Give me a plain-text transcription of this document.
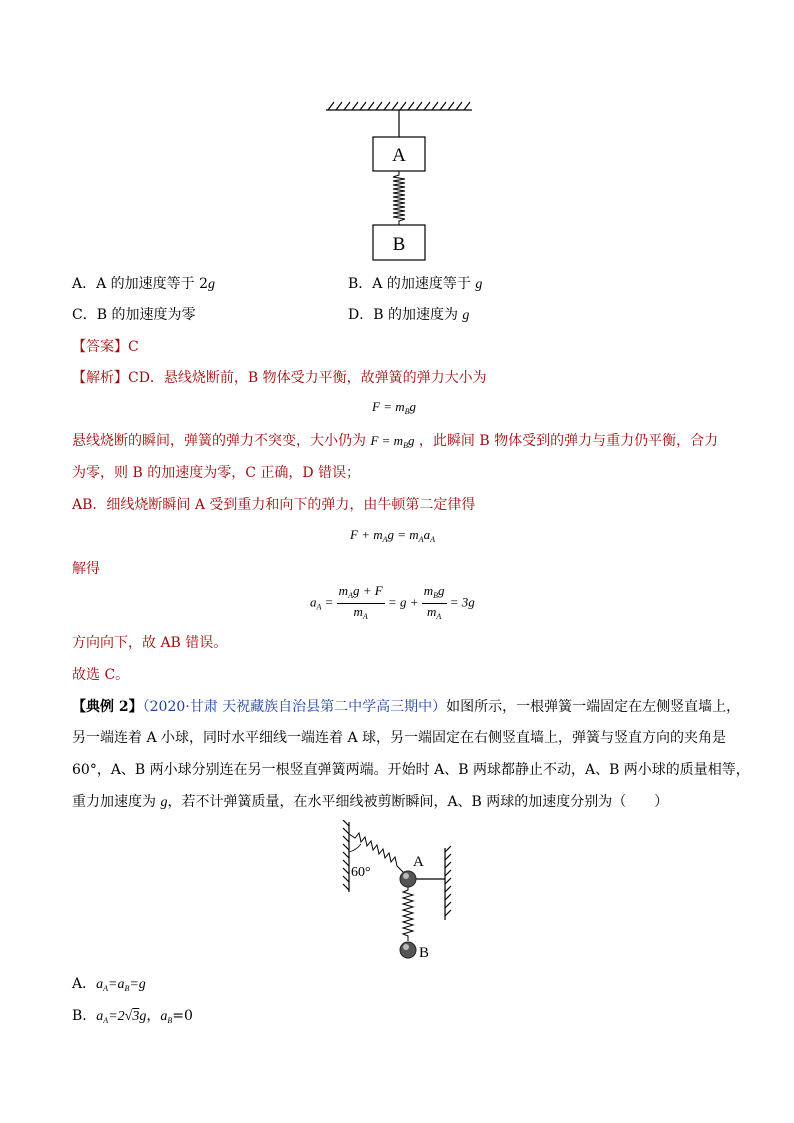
A
B
A．A 的加速度等于 2g	B．A 的加速度等于 g
C．B 的加速度为零	D．B 的加速度为 g
【答案】C
【解析】CD．悬线烧断前，B 物体受力平衡，故弹簧的弹力大小为
$F = m_Bg$
悬线烧断的瞬间，弹簧的弹力不突变，大小仍为 $F = m_Bg$ ，此瞬间 B 物体受到的弹力与重力仍平衡，合力
为零，则 B 的加速度为零，C 正确，D 错误；
AB．细线烧断瞬间 A 受到重力和向下的弹力，由牛顿第二定律得
$F + m_Ag = m_Aa_A$
解得
$a_A = \frac{m_Ag + F}{m_A} = g + \frac{m_Bg}{m_A} = 3g$
方向向下，故 AB 错误。
故选 C。
【典例 2】（2020·甘肃 天祝藏族自治县第二中学高三期中）如图所示，一根弹簧一端固定在左侧竖直墙上，
另一端连着 A 小球，同时水平细线一端连着 A 球，另一端固定在右侧竖直墙上，弹簧与竖直方向的夹角是
60°，A、B 两小球分别连在另一根竖直弹簧两端。开始时 A、B 两球都静止不动，A、B 两小球的质量相等，
重力加速度为 g，若不计弹簧质量，在水平细线被剪断瞬间，A、B 两球的加速度分别为（　　）
60°
A
B
A．$a_A=a_B=g$
B．$a_A=2√3g$，$a_B=0$
